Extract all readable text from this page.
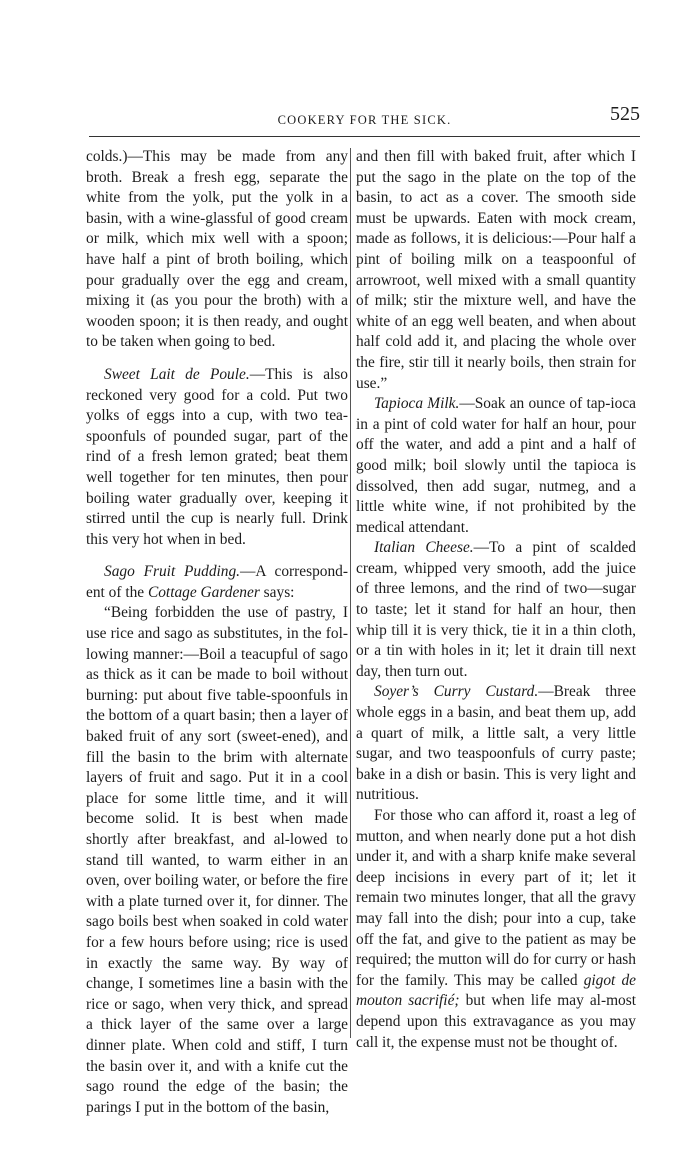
COOKERY FOR THE SICK.	525

colds.)—This may be made from any broth. Break a fresh egg, separate the white from the yolk, put the yolk in a basin, with a wine-glassful of good cream or milk, which mix well with a spoon; have half a pint of broth boiling, which pour gradually over the egg and cream, mixing it (as you pour the broth) with a wooden spoon; it is then ready, and ought to be taken when going to bed.

Sweet Lait de Poule.—This is also reckoned very good for a cold. Put two yolks of eggs into a cup, with two tea-spoonfuls of pounded sugar, part of the rind of a fresh lemon grated; beat them well together for ten minutes, then pour boiling water gradually over, keeping it stirred until the cup is nearly full. Drink this very hot when in bed.

Sago Fruit Pudding.—A correspond-ent of the Cottage Gardener says:

“Being forbidden the use of pastry, I use rice and sago as substitutes, in the fol-lowing manner:—Boil a teacupful of sago as thick as it can be made to boil without burning: put about five table-spoonfuls in the bottom of a quart basin; then a layer of baked fruit of any sort (sweet-ened), and fill the basin to the brim with alternate layers of fruit and sago. Put it in a cool place for some little time, and it will become solid. It is best when made shortly after breakfast, and al-lowed to stand till wanted, to warm either in an oven, over boiling water, or before the fire with a plate turned over it, for dinner. The sago boils best when soaked in cold water for a few hours before using; rice is used in exactly the same way. By way of change, I sometimes line a basin with the rice or sago, when very thick, and spread a thick layer of the same over a large dinner plate. When cold and stiff, I turn the basin over it, and with a knife cut the sago round the edge of the basin; the parings I put in the bottom of the basin,

and then fill with baked fruit, after which I put the sago in the plate on the top of the basin, to act as a cover. The smooth side must be upwards. Eaten with mock cream, made as follows, it is delicious:—Pour half a pint of boiling milk on a teaspoonful of arrowroot, well mixed with a small quantity of milk; stir the mixture well, and have the white of an egg well beaten, and when about half cold add it, and placing the whole over the fire, stir till it nearly boils, then strain for use.”

Tapioca Milk.—Soak an ounce of tap-ioca in a pint of cold water for half an hour, pour off the water, and add a pint and a half of good milk; boil slowly until the tapioca is dissolved, then add sugar, nutmeg, and a little white wine, if not prohibited by the medical attendant.

Italian Cheese.—To a pint of scalded cream, whipped very smooth, add the juice of three lemons, and the rind of two—sugar to taste; let it stand for half an hour, then whip till it is very thick, tie it in a thin cloth, or a tin with holes in it; let it drain till next day, then turn out.

Soyer’s Curry Custard.—Break three whole eggs in a basin, and beat them up, add a quart of milk, a little salt, a very little sugar, and two teaspoonfuls of curry paste; bake in a dish or basin. This is very light and nutritious.

For those who can afford it, roast a leg of mutton, and when nearly done put a hot dish under it, and with a sharp knife make several deep incisions in every part of it; let it remain two minutes longer, that all the gravy may fall into the dish; pour into a cup, take off the fat, and give to the patient as may be required; the mutton will do for curry or hash for the family. This may be called gigot de mouton sacrifié; but when life may al-most depend upon this extravagance as you may call it, the expense must not be thought of.
